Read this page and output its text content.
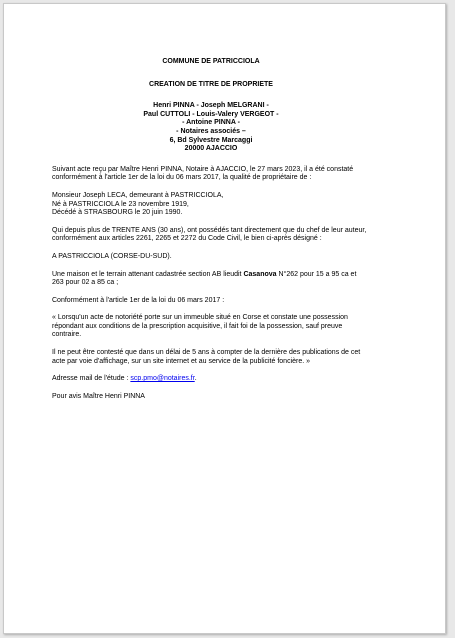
COMMUNE DE PATRICCIOLA
CREATION DE TITRE DE PROPRIETE
Henri PINNA - Joseph MELGRANI -
Paul CUTTOLI - Louis-Valery VERGEOT -
- Antoine PINNA -
- Notaires associés –
6, Bd Sylvestre Marcaggi
20000 AJACCIO

Suivant acte reçu par Maître Henri PINNA, Notaire à AJACCIO, le 27 mars 2023, il a été constaté
conformément à l'article 1er de la loi du 06 mars 2017, la qualité de propriétaire de :

Monsieur Joseph LECA, demeurant à PASTRICCIOLA,
Né à PASTRICCIOLA le 23 novembre 1919,
Décédé à STRASBOURG le 20 juin 1990.

Qui depuis plus de TRENTE ANS (30 ans), ont possédés tant directement que du chef de leur auteur,
conformément aux articles 2261, 2265 et 2272 du Code Civil, le bien ci-après désigné :

A PASTRICCIOLA (CORSE-DU-SUD).

Une maison et le terrain attenant cadastrée section AB lieudit Casanova N°262 pour 15 a 95 ca et
263 pour 02 a 85 ca ;

Conformément à l'article 1er de la loi du 06 mars 2017 :

« Lorsqu'un acte de notoriété porte sur un immeuble situé en Corse et constate une possession
répondant aux conditions de la prescription acquisitive, il fait foi de la possession, sauf preuve
contraire.

Il ne peut être contesté que dans un délai de 5 ans à compter de la dernière des publications de cet
acte par voie d'affichage, sur un site internet et au service de la publicité foncière. »

Adresse mail de l'étude : scp.pmo@notaires.fr.

Pour avis Maître Henri PINNA
